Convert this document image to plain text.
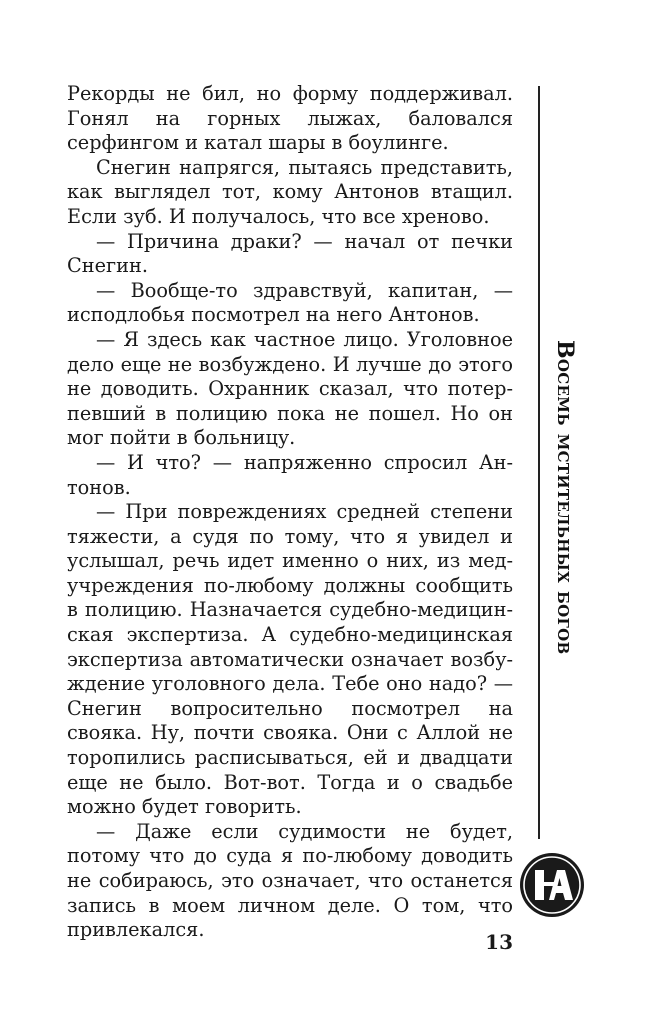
Рекорды не бил, но форму поддерживал. Гонял на горных лыжах, баловался серфингом и катал шары в боулинге.

Снегин напрягся, пытаясь представить, как выглядел тот, кому Антонов втащил. Если зуб. И получалось, что все хреново.

— Причина драки? — начал от печки Снегин.

— Вообще-то здравствуй, капитан, — исподлобья посмотрел на него Антонов.

— Я здесь как частное лицо. Уголовное дело еще не возбуждено. И лучше до этого не доводить. Охранник сказал, что потерпевший в полицию пока не пошел. Но он мог пойти в больницу.

— И что? — напряженно спросил Антонов.

— При повреждениях средней степени тяжести, а судя по тому, что я увидел и услышал, речь идет именно о них, из медучреждения по-любому должны сообщить в полицию. Назначается судебно-медицинская экспертиза. А судебно-медицинская экспертиза автоматически означает возбуждение уголовного дела. Тебе оно надо? — Снегин вопросительно посмотрел на свояка. Ну, почти свояка. Они с Аллой не торопились расписываться, ей и двадцати еще не было. Вот-вот. Тогда и о свадьбе можно будет говорить.

— Даже если судимости не будет, потому что до суда я по-любому доводить не собираюсь, это означает, что останется запись в моем личном деле. О том, что привлекался.

Восемь мстительных богов
13
